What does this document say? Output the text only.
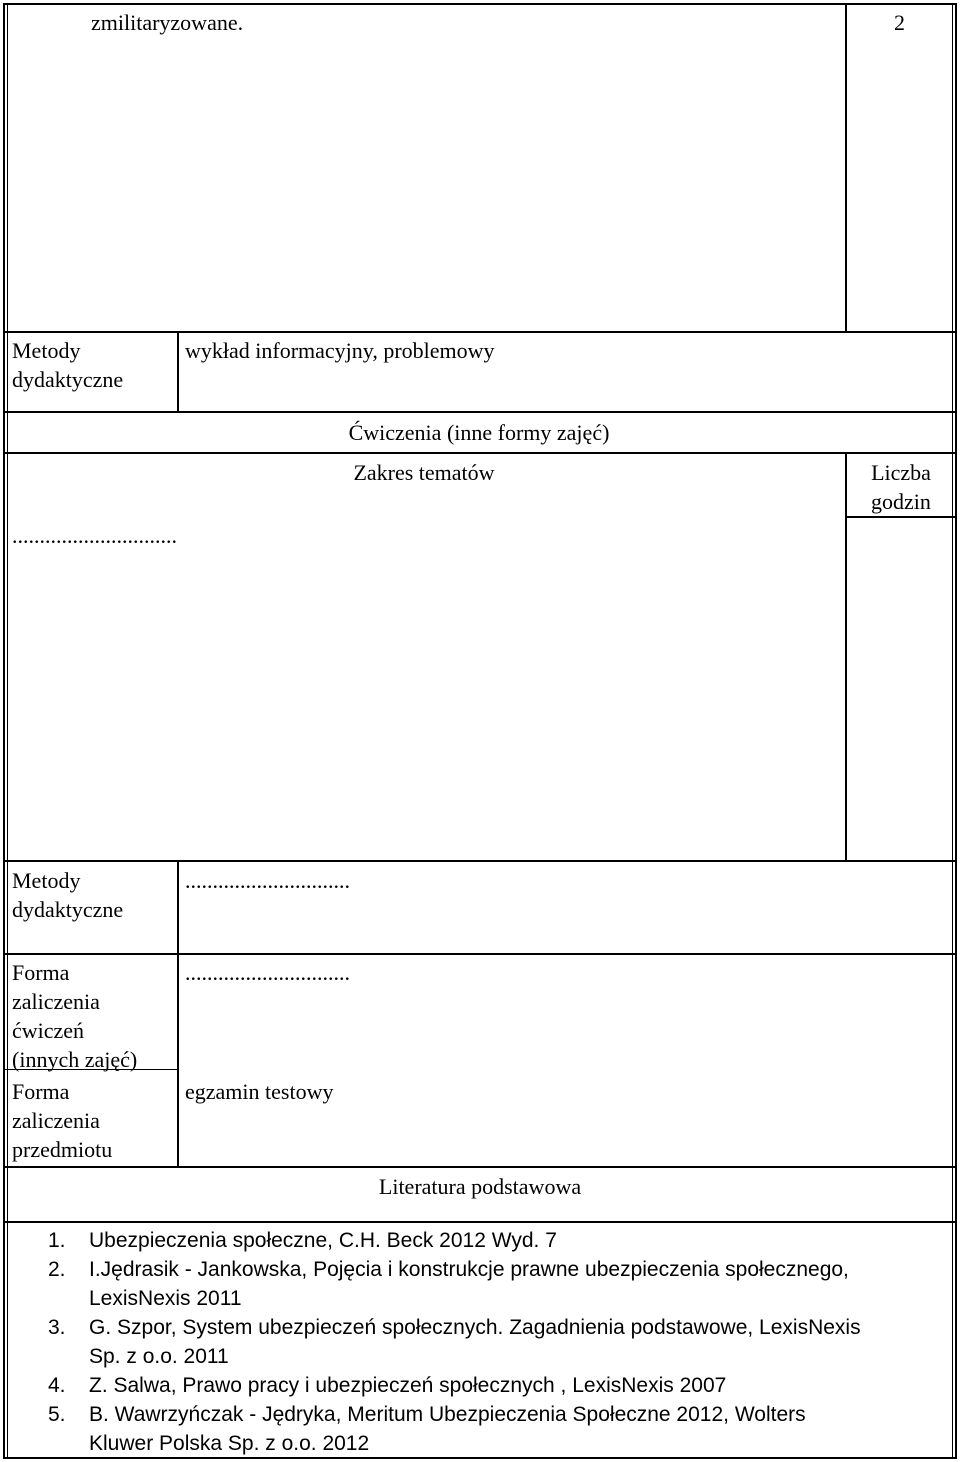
zmilitaryzowane.	2
Metody
dydaktyczne
wykład informacyjny, problemowy
Ćwiczenia (inne formy zajęć)
..............................
Zakres tematów	Liczba
godzin
Metody
dydaktyczne
..............................
Forma
zaliczenia
ćwiczeń
(innych zajęć)
..............................
Forma
zaliczenia
przedmiotu
egzamin testowy
Literatura podstawowa
1. Ubezpieczenia społeczne, C.H. Beck 2012 Wyd. 7
2. I.Jędrasik - Jankowska, Pojęcia i konstrukcje prawne ubezpieczenia społecznego,
LexisNexis 2011
3. G. Szpor, System ubezpieczeń społecznych. Zagadnienia podstawowe, LexisNexis
Sp. z o.o. 2011
4. Z. Salwa, Prawo pracy i ubezpieczeń społecznych , LexisNexis 2007
5. B. Wawrzyńczak - Jędryka, Meritum Ubezpieczenia Społeczne 2012, Wolters
Kluwer Polska Sp. z o.o. 2012
